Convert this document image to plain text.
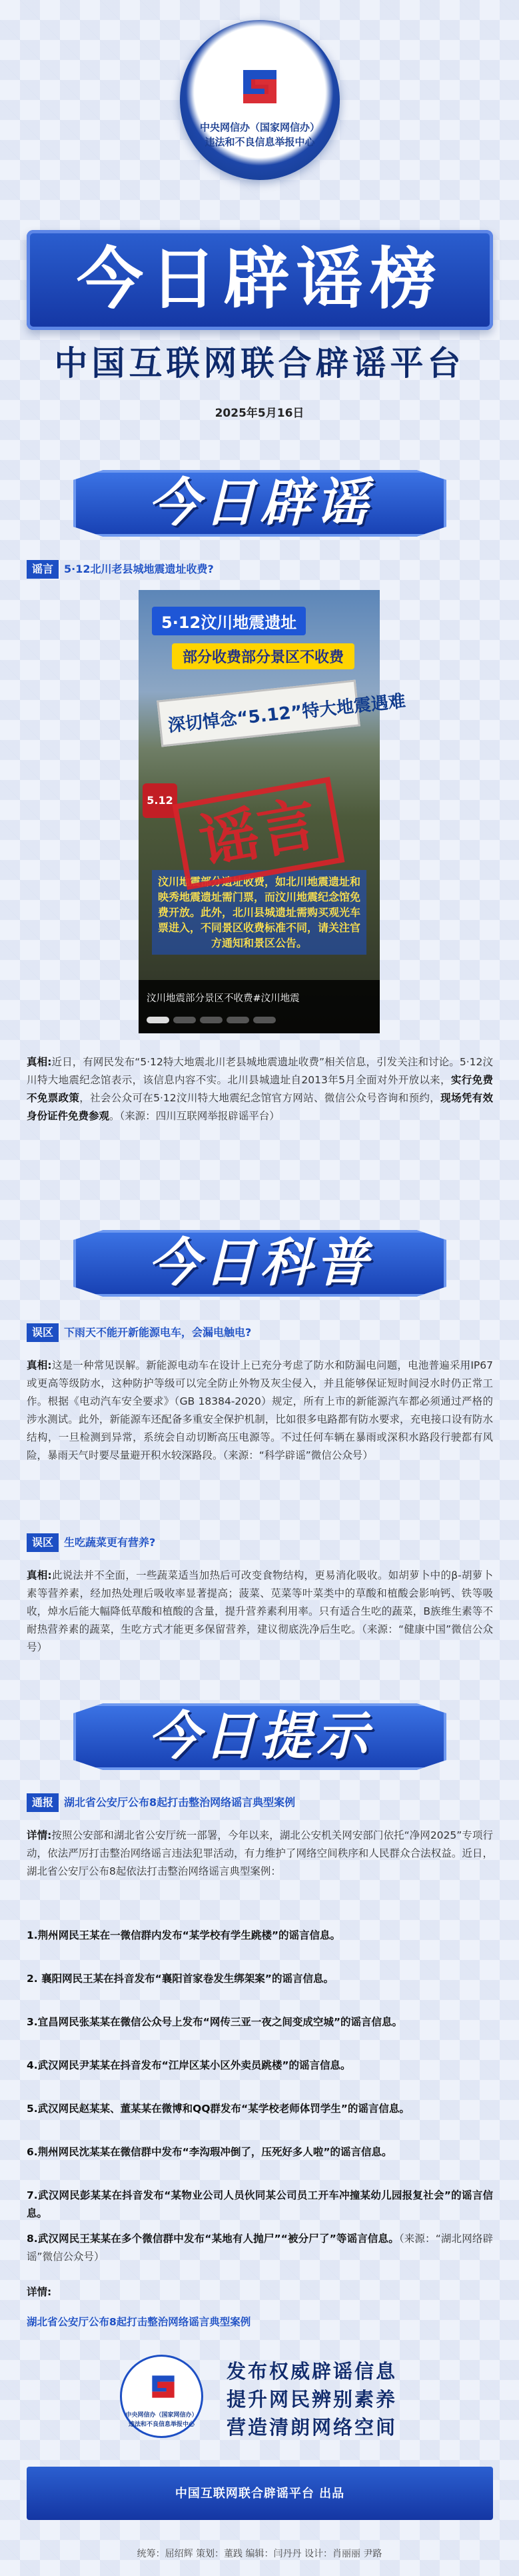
中央网信办（国家网信办）
违法和不良信息举报中心
今日辟谣榜
中国互联网联合辟谣平台
2025年5月16日
今日辟谣
谣言 5·12北川老县城地震遗址收费?
5·12汶川地震遗址
部分收费部分景区不收费
深切悼念“5.12”特大地震遇难
5.12
汶川地震部分遗址收费，如北川地震遗址和映秀地震遗址需门票，而汶川地震纪念馆免费开放。此外，北川县城遗址需购买观光车票进入，不同景区收费标准不同，请关注官方通知和景区公告。
谣言
汶川地震部分景区不收费#汶川地震
真相:近日，有网民发布“5·12特大地震北川老县城地震遗址收费”相关信息，引发关注和讨论。5·12汶川特大地震纪念馆表示，该信息内容不实。北川县城遗址自2013年5月全面对外开放以来，实行免费不免票政策，社会公众可在5·12汶川特大地震纪念馆官方网站、微信公众号咨询和预约，现场凭有效身份证件免费参观。（来源：四川互联网举报辟谣平台）
今日科普
误区 下雨天不能开新能源电车，会漏电触电?
真相:这是一种常见误解。新能源电动车在设计上已充分考虑了防水和防漏电问题，电池普遍采用IP67或更高等级防水，这种防护等级可以完全防止外物及灰尘侵入，并且能够保证短时间浸水时仍正常工作。根据《电动汽车安全要求》（GB 18384-2020）规定，所有上市的新能源汽车都必须通过严格的涉水测试。此外，新能源车还配备多重安全保护机制，比如很多电路都有防水要求，充电接口设有防水结构，一旦检测到异常，系统会自动切断高压电源等。不过任何车辆在暴雨或深积水路段行驶都有风险，暴雨天气时要尽量避开积水较深路段。（来源：“科学辟谣”微信公众号）
误区 生吃蔬菜更有营养?
真相:此说法并不全面，一些蔬菜适当加热后可改变食物结构，更易消化吸收。如胡萝卜中的β-胡萝卜素等营养素，经加热处理后吸收率显著提高；菠菜、苋菜等叶菜类中的草酸和植酸会影响钙、铁等吸收，焯水后能大幅降低草酸和植酸的含量，提升营养素利用率。只有适合生吃的蔬菜，B族维生素等不耐热营养素的蔬菜，生吃方式才能更多保留营养，建议彻底洗净后生吃。（来源：“健康中国”微信公众号）
今日提示
通报 湖北省公安厅公布8起打击整治网络谣言典型案例
详情:按照公安部和湖北省公安厅统一部署，今年以来，湖北公安机关网安部门依托“净网2025”专项行动，依法严厉打击整治网络谣言违法犯罪活动，有力维护了网络空间秩序和人民群众合法权益。近日，湖北省公安厅公布8起依法打击整治网络谣言典型案例：
1.荆州网民王某在一微信群内发布“某学校有学生跳楼”的谣言信息。
2. 襄阳网民王某在抖音发布“襄阳首家卷发生绑架案”的谣言信息。
3.宜昌网民张某某在微信公众号上发布“网传三亚一夜之间变成空城”的谣言信息。
4.武汉网民尹某某在抖音发布“江岸区某小区外卖员跳楼”的谣言信息。
5.武汉网民赵某某、董某某在微博和QQ群发布“某学校老师体罚学生”的谣言信息。
6.荆州网民沈某某在微信群中发布“李沟瑕冲倒了，压死好多人啦”的谣言信息。
7.武汉网民彭某某在抖音发布“某物业公司人员伙同某公司员工开车冲撞某幼儿园报复社会”的谣言信息。
8.武汉网民王某某在多个微信群中发布“某地有人抛尸”“被分尸了”等谣言信息。（来源：“湖北网络辟谣”微信公众号）
详情:
湖北省公安厅公布8起打击整治网络谣言典型案例
中央网信办（国家网信办）
违法和不良信息举报中心
发布权威辟谣信息
提升网民辨别素养
营造清朗网络空间
中国互联网联合辟谣平台 出品
统筹：屈绍辉 策划：董践 编辑：闫丹丹 设计：肖丽丽 尹路
